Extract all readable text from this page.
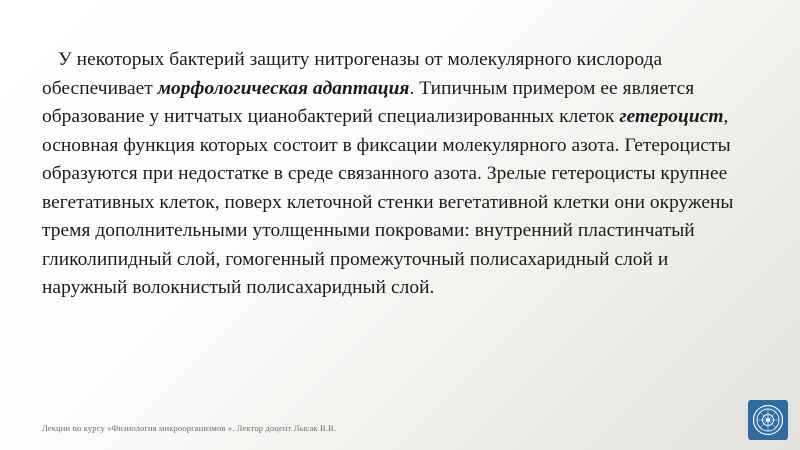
У некоторых бактерий защиту нитрогеназы от молекулярного кислорода обеспечивает морфологическая адаптация. Типичным примером ее является образование у нитчатых цианобактерий специализированных клеток гетероцист, основная функция которых состоит в фиксации молекулярного азота. Гетероцисты образуются при недостатке в среде связанного азота. Зрелые гетероцисты крупнее вегетативных клеток, поверх клеточной стенки вегетативной клетки они окружены тремя дополнительными утолщенными покровами: внутренний пластинчатый гликолипидный слой, гомогенный промежуточный полисахаридный слой и наружный волокнистый полисахаридный слой.
Лекции по курсу «Физиология микроорганизмов ». Лектор доцент Лысак В.В.
